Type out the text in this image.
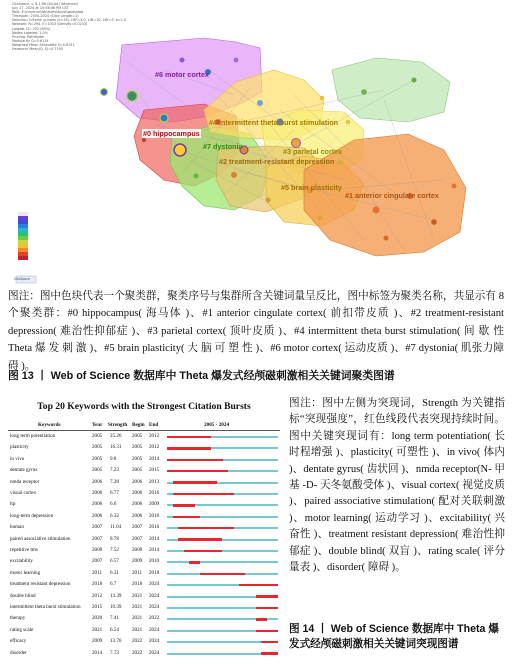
CiteSpace, v. 6.1.R6 (64-bit) Advanced
July 17, 2024 at 10:56:46 PM CST
WoS: E:\cnuerrui\Wo\theta\burst\wos\data
Timespan: 2004-2024 (Slice Length=1)
Selection Criteria: g-index (k=25), LRF=3.0, L/N=10, LBY=5, e=1.0
Network: N=294, E=1003 (Density=0.0233)
Largest CC: 252 (85%)
Nodes Labeled: 1.0%
Pruning: Pathfinder
Modularity Q=0.6114
Weighted Mean Silhouette S=0.8741
Harmonic Mean(Q, S)=0.7195
CiteSpace
#6 motor cortex
#0 hippocampus
#4 intermittent theta burst stimulation
#7 dystonia
#3 parietal cortex
#2 treatment-resistant depression
#5 brain plasticity
#1 anterior cingulate cortex
图注：图中色块代表一个聚类群，聚类序号与集群所含关键词量呈反比，图中标签为聚类名称，共显示有 8 个聚类群：#0 hippocampus( 海马体 )、#1 anterior cingulate cortex( 前扣带皮质 )、#2 treatment-resistant depression( 难治性抑郁症 )、#3 parietal cortex( 顶叶皮质 )、#4 intermittent theta burst stimulation( 间 歇 性 Theta 爆 发 刺 激 )、#5 brain plasticity( 大 脑 可 塑 性 )、#6 motor cortex( 运动皮质 )、#7 dystonia( 肌张力障碍 )。
图 13 丨 Web of Science 数据库中 Theta 爆发式经颅磁刺激相关关键词聚类图谱
Top 20 Keywords with the Strongest Citation Bursts
Keywords	Year Strength Begin End	2005 - 2024
long term potentiation	2005 25.26 2005 2012
plasticity	2005 16.31 2005 2012
in vivo	2005 9.8	2005 2014
dentate gyrus	2005 7.23	2005 2015
nmda receptor	2006 7.28	2006 2013
visual cortex	2006 6.77	2006 2016
ltp	2006 6.6	2006 2009
long-term depression	2006 6.32	2006 2010
human	2007 11.04 2007 2016
paired associative stimulation	2007 8.78	2007 2014
repetitive tms	2008 7.52	2008 2014
excitability	2007 6.57	2009 2010
motor learning	2011 6.31	2011 2018
treatment resistant depression	2018 6.7	2018 2024
double blind	2012 13.39 2021 2024
intermittent theta burst stimulation 2015 10.39 2021 2024
therapy	2020 7.41	2021 2022
rating scale	2021 6.54	2021 2024
efficacy	2009 13.76 2022 2024
disorder	2014 7.73	2022 2024
图注：图中左侧为突现词，Strength 为关键指标“突现强度”，红色线段代表突现持续时间。图中关键突现词有：long term potentiation( 长时程增强 )、plasticity( 可塑性 )、in vivo( 体内 )、dentate gyrus( 齿状回 )、nmda receptor(N- 甲基 -D- 天冬氨酸受体 )、visual cortex( 视觉皮质 )、paired associative stimulation( 配对关联刺激 )、motor learning( 运动学习 )、excitability( 兴奋性 )、treatment resistant depression( 难治性抑郁症 )、double blind( 双盲 )、rating scale( 评分量表 )、disorder( 障碍 )。
图 14 丨 Web of Science 数据库中 Theta 爆发式经颅磁刺激相关关键词突现图谱
